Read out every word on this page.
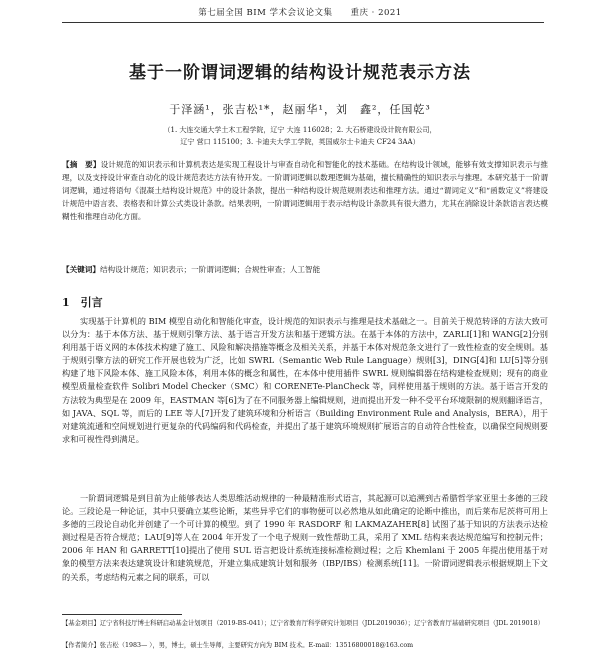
第七届全国 BIM 学术会议论文集　　重庆 · 2021
基于一阶谓词逻辑的结构设计规范表示方法
于泽涵¹，张吉松¹*，赵丽华¹，刘　鑫²，任国乾³
（1. 大连交通大学土木工程学院，辽宁 大连 116028；2. 大石桥建设设计院有限公司，
辽宁 营口 115100；3. 卡迪夫大学工学院，英国威尔士卡迪夫 CF24 3AA）
【摘　要】设计规范的知识表示和计算机表达是实现工程设计与审查自动化和智能化的技术基础。在结构设计领域，能够有效支撑知识表示与推理，以及支持设计审查自动化的设计规范表达方法有待开发。一阶谓词逻辑以数理逻辑为基础，擅长精确性的知识表示与推理。本研究基于一阶谓词逻辑，通过将语句《混凝土结构设计规范》中的设计条款，提出一种结构设计规范规则表达和推理方法。通过“谓词定义”和“函数定义”将建设计规范中语言表、表格表和计算公式类设计条款。结果表明，一阶谓词逻辑用于表示结构设计条款具有很大潜力，尤其在消除设计条款语言表达模糊性和推理自动化方面。
【关键词】结构设计规范；知识表示；一阶谓词逻辑；合规性审查；人工智能
1　引言

实现基于计算机的 BIM 模型自动化和智能化审查，设计规范的知识表示与推理是技术基础之一。目前关于规范转译的方法大致可以分为：基于本体方法、基于规则引擎方法、基于语言开发方法和基于逻辑方法。在基于本体的方法中，ZARLI[1]和 WANG[2]分别利用基于语义网的本体技术构建了施工、风险和解决措施等概念及相关关系，并基于本体对规范条文进行了一致性检查的安全规则。基于规则引擎方法的研究工作开展也较为广泛，比如 SWRL（Semantic Web Rule Language）规则[3]，DING[4]和 LU[5]等分别构建了地下风险本体、施工风险本体，利用本体的概念和属性，在本体中使用插件 SWRL 规则编辑器在结构建检查规则；现有的商业模型质量检查软件 Solibri Model Checker（SMC）和 CORENETe-PlanCheck 等，同样使用基于规则的方法。基于语言开发的方法较为典型是在 2009 年，EASTMAN 等[6]为了在不同服务器上编辑规则，进而提出开发一种不受平台环境限制的规则翻译语言，如 JAVA、SQL 等，而后的 LEE 等人[7]开发了建筑环境和分析语言（Building Environment Rule and Analysis，BERA），用于对建筑流通和空间规划进行更复杂的代码编码和代码检查，并提出了基于建筑环境规则扩展语言的自动符合性检查，以确保空间规则要求和可视性得到满足。

一阶谓词逻辑是到目前为止能够表达人类思维活动规律的一种最精准形式语言，其起源可以追溯到古希腊哲学家亚里士多德的三段论。三段论是一种论证，其中只要确立某些论断，某些异乎它们的事物便可以必然地从如此确定的论断中推出，而后莱布尼茨将可用上多德的三段论自动化并创建了一个可计算的模型。到了 1990 年 RASDORF 和 LAKMAZAHER[8] 试图了基于知识的方法表示达检测过程是否符合规范；LAU[9]等人在 2004 年开发了一个电子规则一致性帮助工具，采用了 XML 结构来表达规范编写和控制元件；2006 年 HAN 和 GARRETT[10]提出了使用 SUL 语言把设计系统连接标准检测过程；之后 Khemlani 于 2005 年提出使用基于对象的模型方法来表达建筑设计和建筑规范，开建立集成建筑计划和服务（IBP/IBS）检测系统[11]。一阶谓词逻辑表示根据规期上下文的关系，考虑结构元素之间的联系，可以

【基金项目】辽宁省科技厅博士科研启动基金计划项目（2019-BS-041）；辽宁省教育厅科学研究计划项目（JDL2019036）；辽宁省教育厅基础研究项目（JDL 2019018）
【作者简介】张吉松（1983— ），男，博士，硕士生导师，主要研究方向为 BIM 技术。E-mail：13516800018@163.com
